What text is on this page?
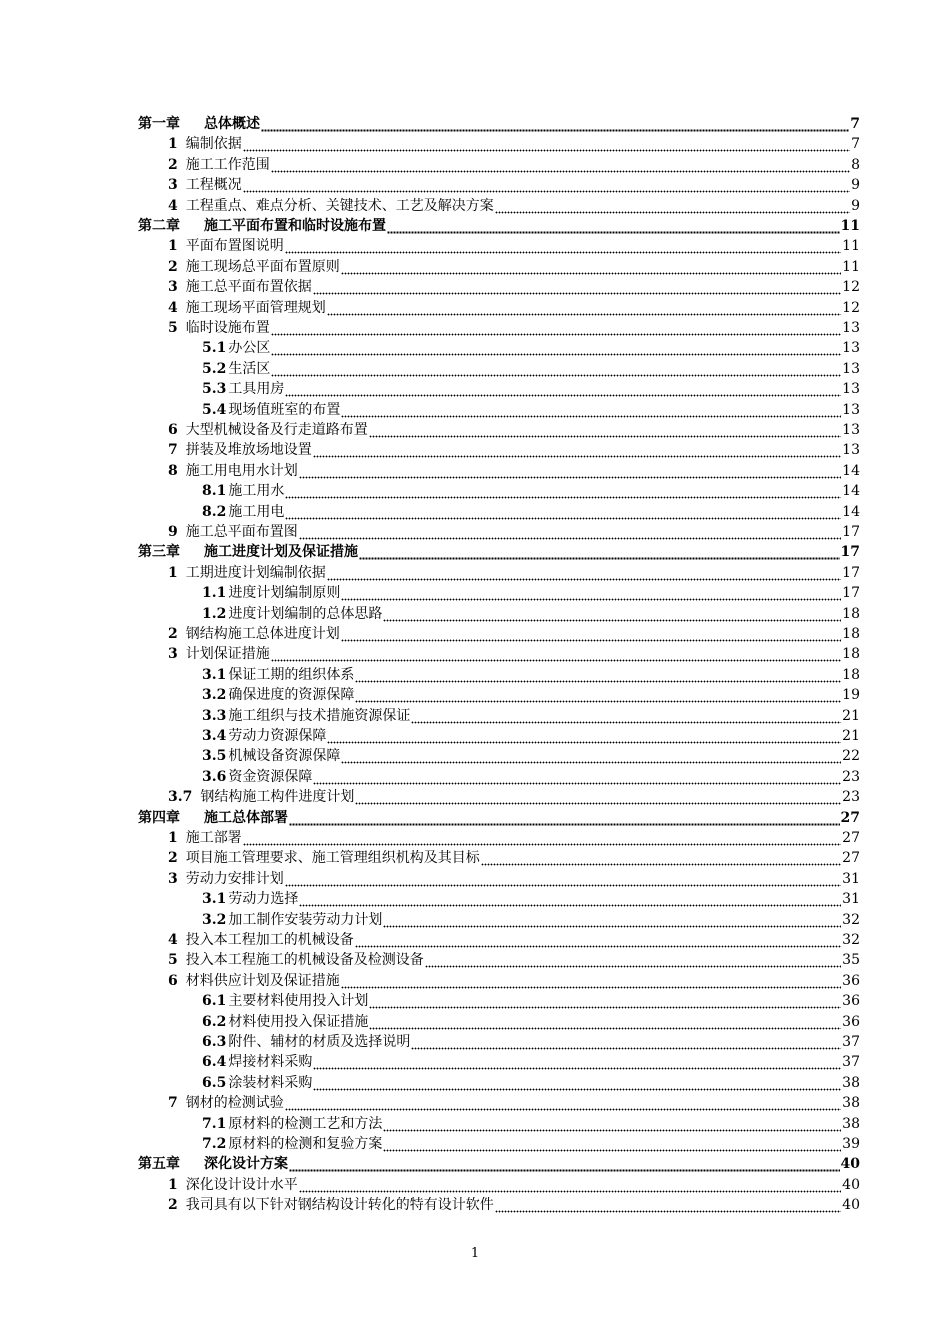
第一章 总体概述	7
1 编制依据	7
2 施工工作范围	8
3 工程概况	9
4 工程重点、难点分析、关键技术、工艺及解决方案	9
第二章 施工平面布置和临时设施布置	11
1 平面布置图说明	11
2 施工现场总平面布置原则	11
3 施工总平面布置依据	12
4 施工现场平面管理规划	12
5 临时设施布置	13
5.1 办公区	13
5.2 生活区	13
5.3 工具用房	13
5.4 现场值班室的布置	13
6 大型机械设备及行走道路布置	13
7 拼装及堆放场地设置	13
8 施工用电用水计划	14
8.1 施工用水	14
8.2 施工用电	14
9 施工总平面布置图	17
第三章 施工进度计划及保证措施	17
1 工期进度计划编制依据	17
1.1 进度计划编制原则	17
1.2 进度计划编制的总体思路	18
2 钢结构施工总体进度计划	18
3 计划保证措施	18
3.1 保证工期的组织体系	18
3.2 确保进度的资源保障	19
3.3 施工组织与技术措施资源保证	21
3.4 劳动力资源保障	21
3.5 机械设备资源保障	22
3.6 资金资源保障	23
3.7 钢结构施工构件进度计划	23
第四章 施工总体部署	27
1 施工部署	27
2 项目施工管理要求、施工管理组织机构及其目标	27
3 劳动力安排计划	31
3.1 劳动力选择	31
3.2 加工制作安装劳动力计划	32
4 投入本工程加工的机械设备	32
5 投入本工程施工的机械设备及检测设备	35
6 材料供应计划及保证措施	36
6.1 主要材料使用投入计划	36
6.2 材料使用投入保证措施	36
6.3 附件、辅材的材质及选择说明	37
6.4 焊接材料采购	37
6.5 涂装材料采购	38
7 钢材的检测试验	38
7.1 原材料的检测工艺和方法	38
7.2 原材料的检测和复验方案	39
第五章 深化设计方案	40
1 深化设计设计水平	40
2 我司具有以下针对钢结构设计转化的特有设计软件	40
1
